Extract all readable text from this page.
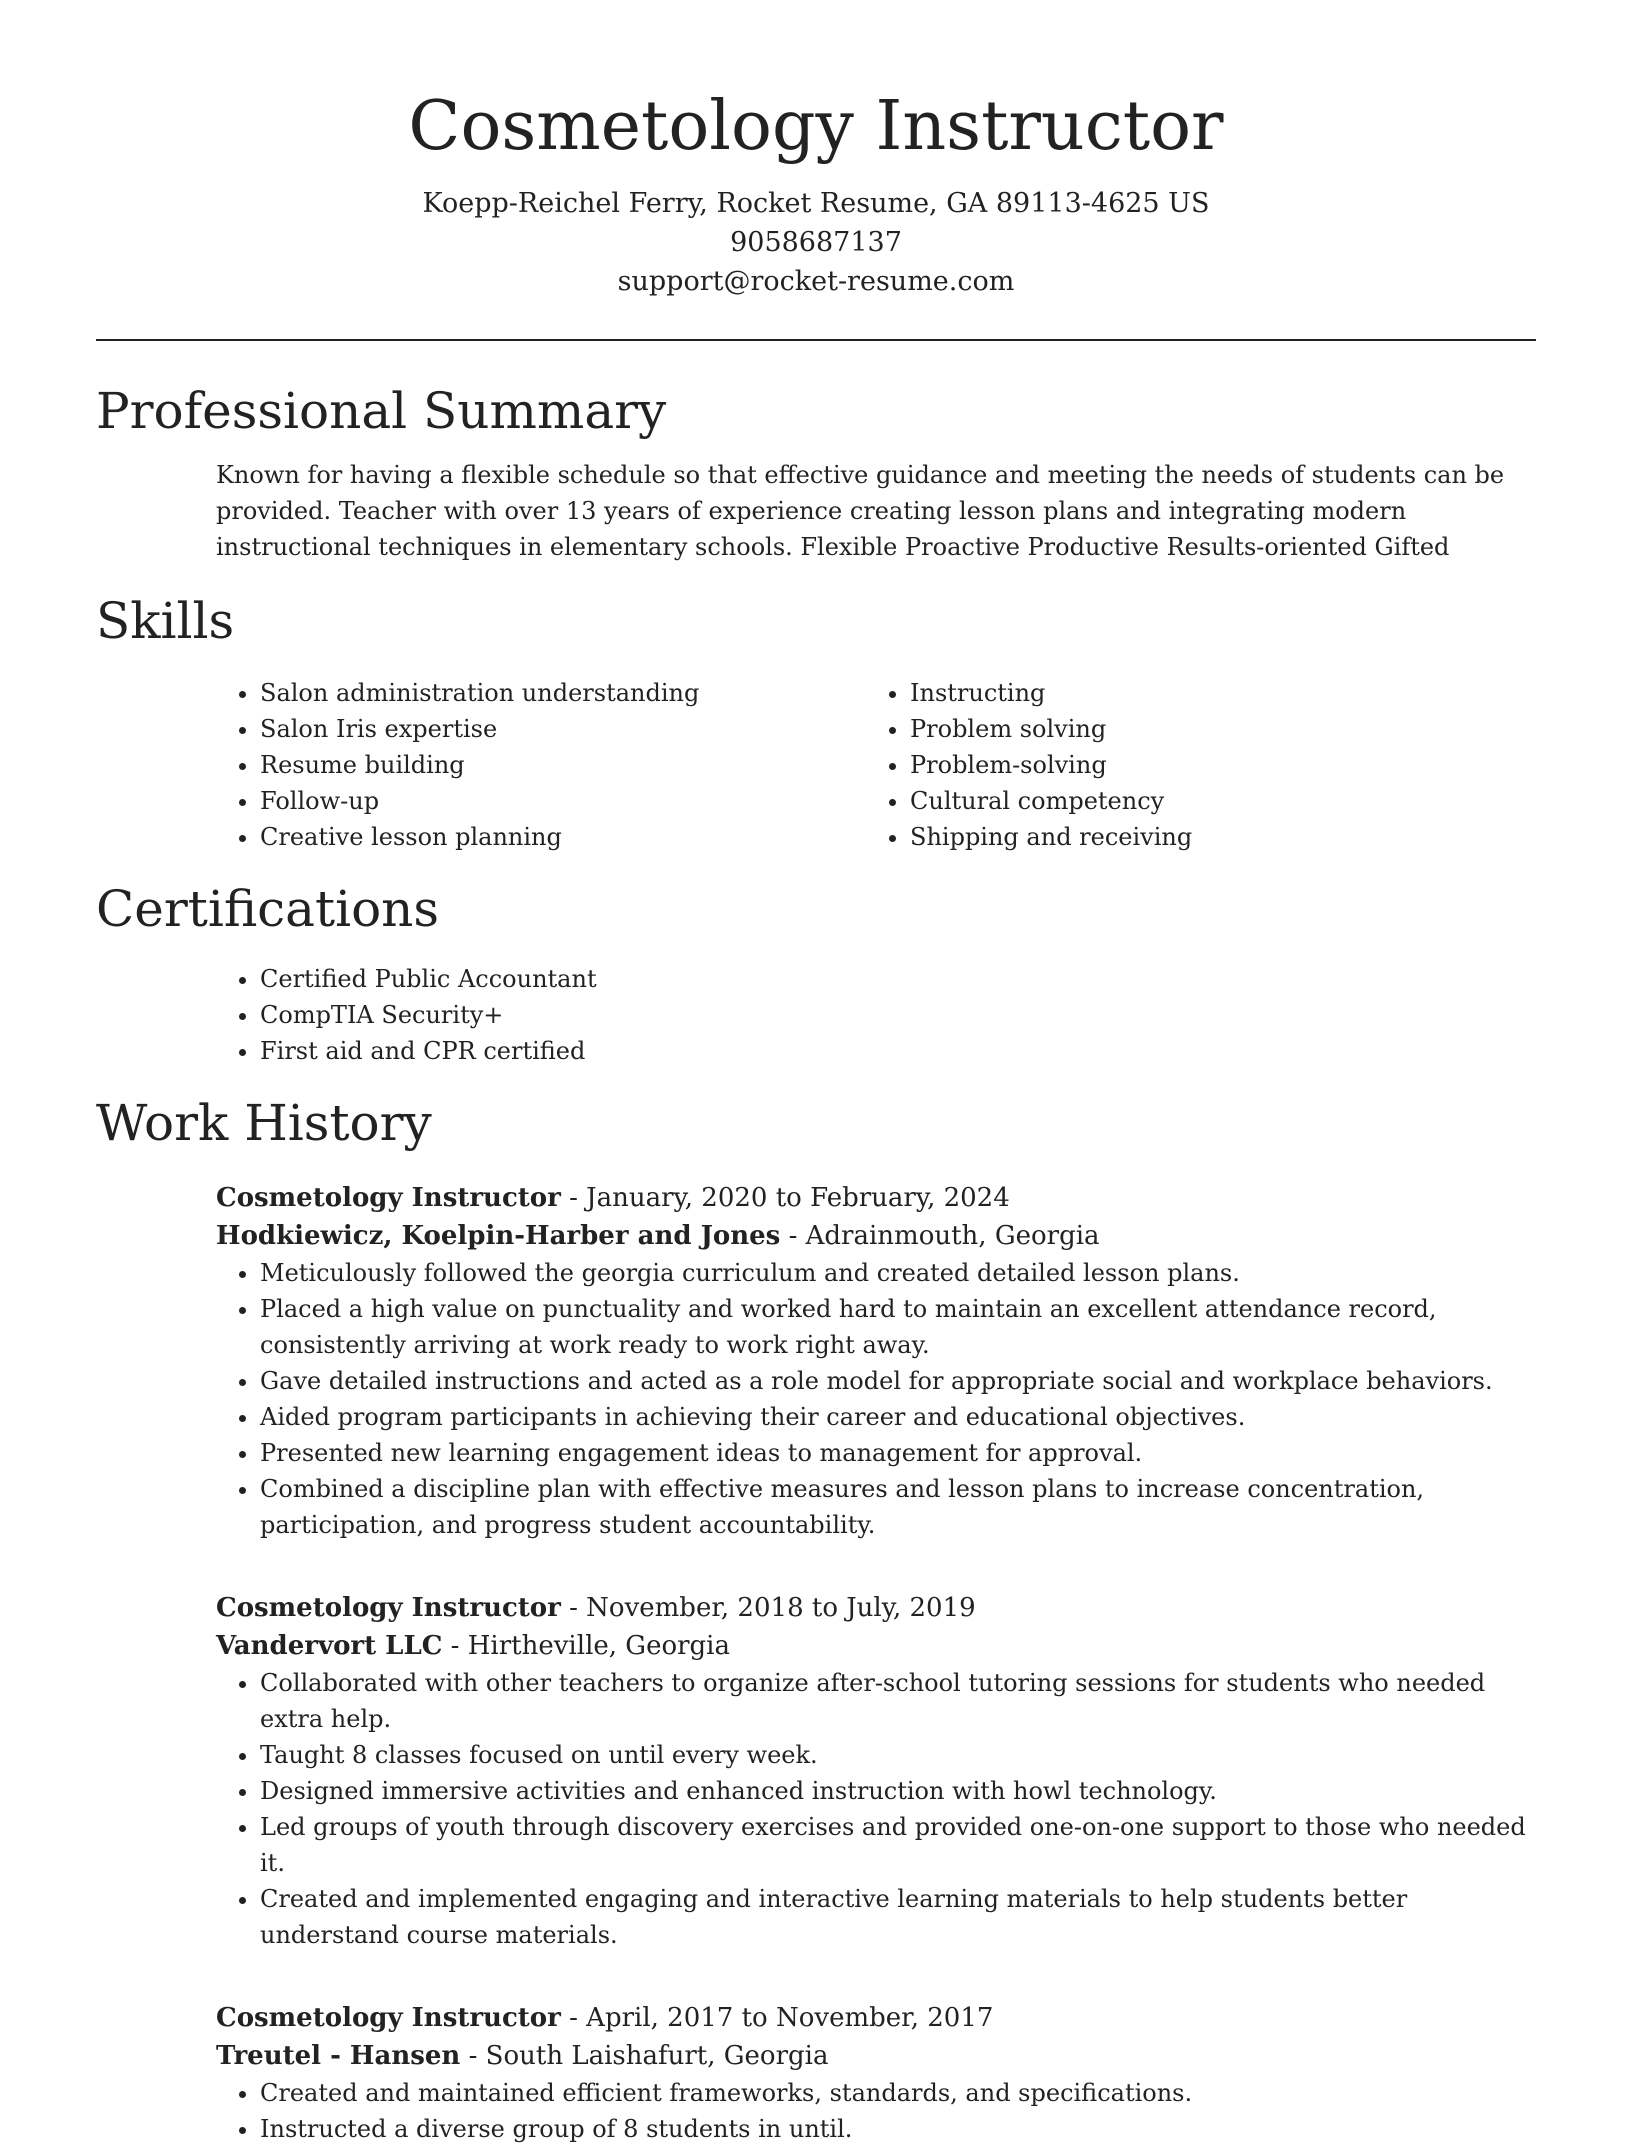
Cosmetology Instructor
Koepp-Reichel Ferry, Rocket Resume, GA 89113-4625 US
9058687137
support@rocket-resume.com
Professional Summary
Known for having a flexible schedule so that effective guidance and meeting the needs of students can be provided. Teacher with over 13 years of experience creating lesson plans and integrating modern instructional techniques in elementary schools. Flexible Proactive Productive Results-oriented Gifted
Skills
• Salon administration understanding
• Salon Iris expertise
• Resume building
• Follow-up
• Creative lesson planning
• Instructing
• Problem solving
• Problem-solving
• Cultural competency
• Shipping and receiving
Certifications
• Certified Public Accountant
• CompTIA Security+
• First aid and CPR certified
Work History
Cosmetology Instructor - January, 2020 to February, 2024
Hodkiewicz, Koelpin-Harber and Jones - Adrainmouth, Georgia
• Meticulously followed the georgia curriculum and created detailed lesson plans.
• Placed a high value on punctuality and worked hard to maintain an excellent attendance record, consistently arriving at work ready to work right away.
• Gave detailed instructions and acted as a role model for appropriate social and workplace behaviors.
• Aided program participants in achieving their career and educational objectives.
• Presented new learning engagement ideas to management for approval.
• Combined a discipline plan with effective measures and lesson plans to increase concentration, participation, and progress student accountability.
Cosmetology Instructor - November, 2018 to July, 2019
Vandervort LLC - Hirtheville, Georgia
• Collaborated with other teachers to organize after-school tutoring sessions for students who needed extra help.
• Taught 8 classes focused on until every week.
• Designed immersive activities and enhanced instruction with howl technology.
• Led groups of youth through discovery exercises and provided one-on-one support to those who needed it.
• Created and implemented engaging and interactive learning materials to help students better understand course materials.
Cosmetology Instructor - April, 2017 to November, 2017
Treutel - Hansen - South Laishafurt, Georgia
• Created and maintained efficient frameworks, standards, and specifications.
• Instructed a diverse group of 8 students in until.
